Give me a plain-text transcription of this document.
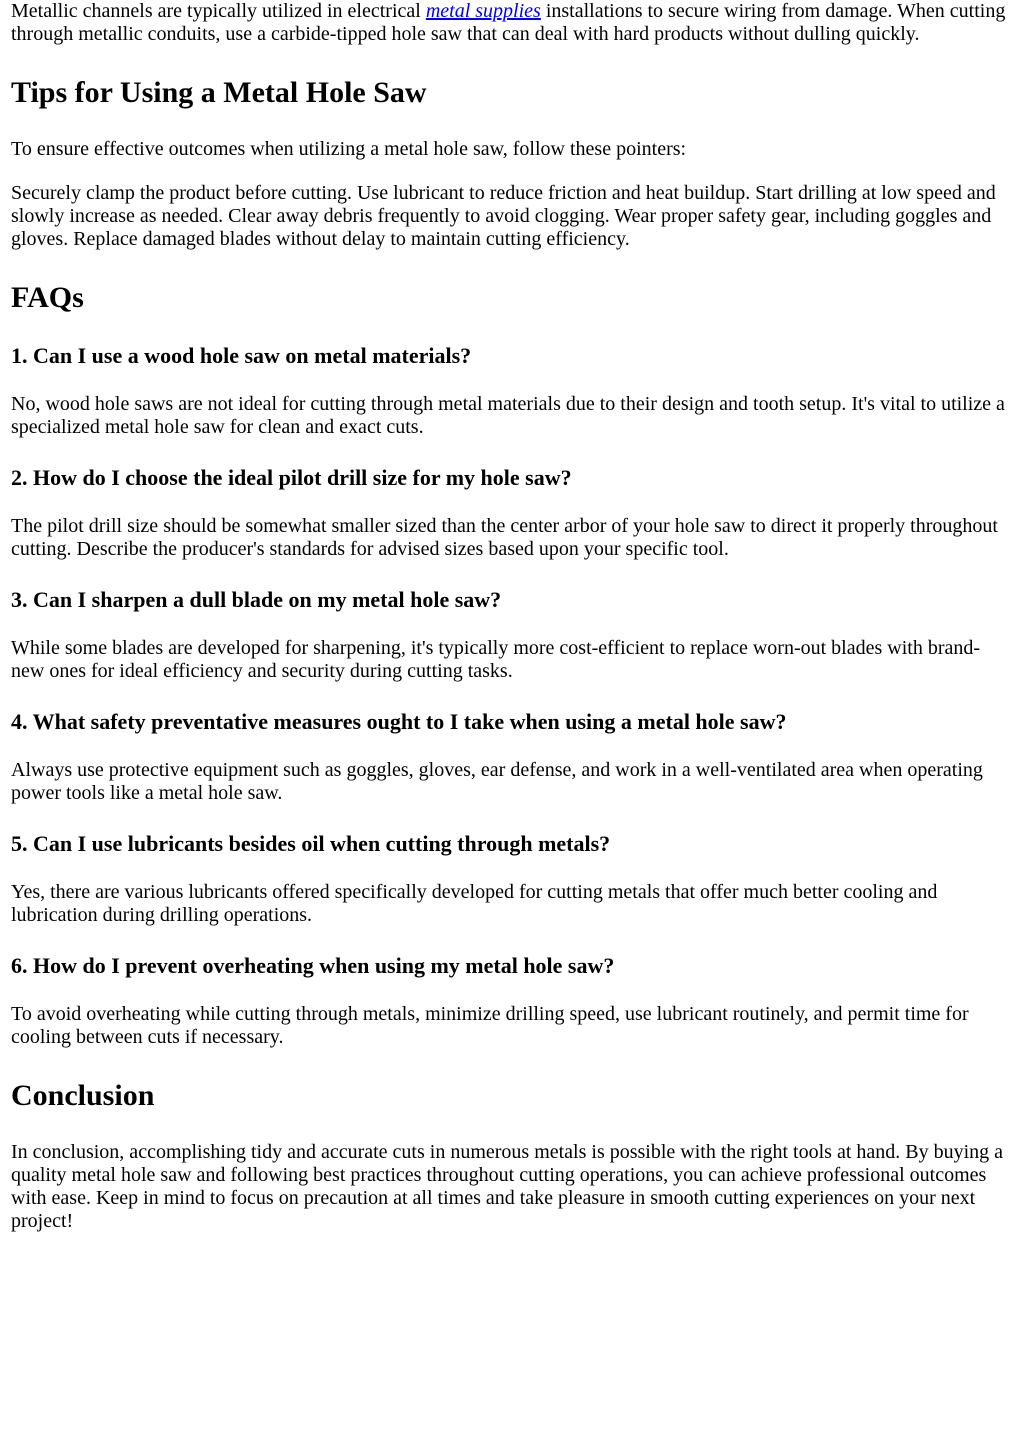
Metallic channels are typically utilized in electrical metal supplies installations to secure wiring from damage. When cutting through metallic conduits, use a carbide-tipped hole saw that can deal with hard products without dulling quickly.

Tips for Using a Metal Hole Saw

To ensure effective outcomes when utilizing a metal hole saw, follow these pointers:

Securely clamp the product before cutting. Use lubricant to reduce friction and heat buildup. Start drilling at low speed and slowly increase as needed. Clear away debris frequently to avoid clogging. Wear proper safety gear, including goggles and gloves. Replace damaged blades without delay to maintain cutting efficiency.

FAQs
1. Can I use a wood hole saw on metal materials?

No, wood hole saws are not ideal for cutting through metal materials due to their design and tooth setup. It's vital to utilize a specialized metal hole saw for clean and exact cuts.

2. How do I choose the ideal pilot drill size for my hole saw?

The pilot drill size should be somewhat smaller sized than the center arbor of your hole saw to direct it properly throughout cutting. Describe the producer's standards for advised sizes based upon your specific tool.

3. Can I sharpen a dull blade on my metal hole saw?

While some blades are developed for sharpening, it's typically more cost-efficient to replace worn-out blades with brand-new ones for ideal efficiency and security during cutting tasks.

4. What safety preventative measures ought to I take when using a metal hole saw?

Always use protective equipment such as goggles, gloves, ear defense, and work in a well-ventilated area when operating power tools like a metal hole saw.

5. Can I use lubricants besides oil when cutting through metals?

Yes, there are various lubricants offered specifically developed for cutting metals that offer much better cooling and lubrication during drilling operations.

6. How do I prevent overheating when using my metal hole saw?

To avoid overheating while cutting through metals, minimize drilling speed, use lubricant routinely, and permit time for cooling between cuts if necessary.

Conclusion

In conclusion, accomplishing tidy and accurate cuts in numerous metals is possible with the right tools at hand. By buying a quality metal hole saw and following best practices throughout cutting operations, you can achieve professional outcomes with ease. Keep in mind to focus on precaution at all times and take pleasure in smooth cutting experiences on your next project!
